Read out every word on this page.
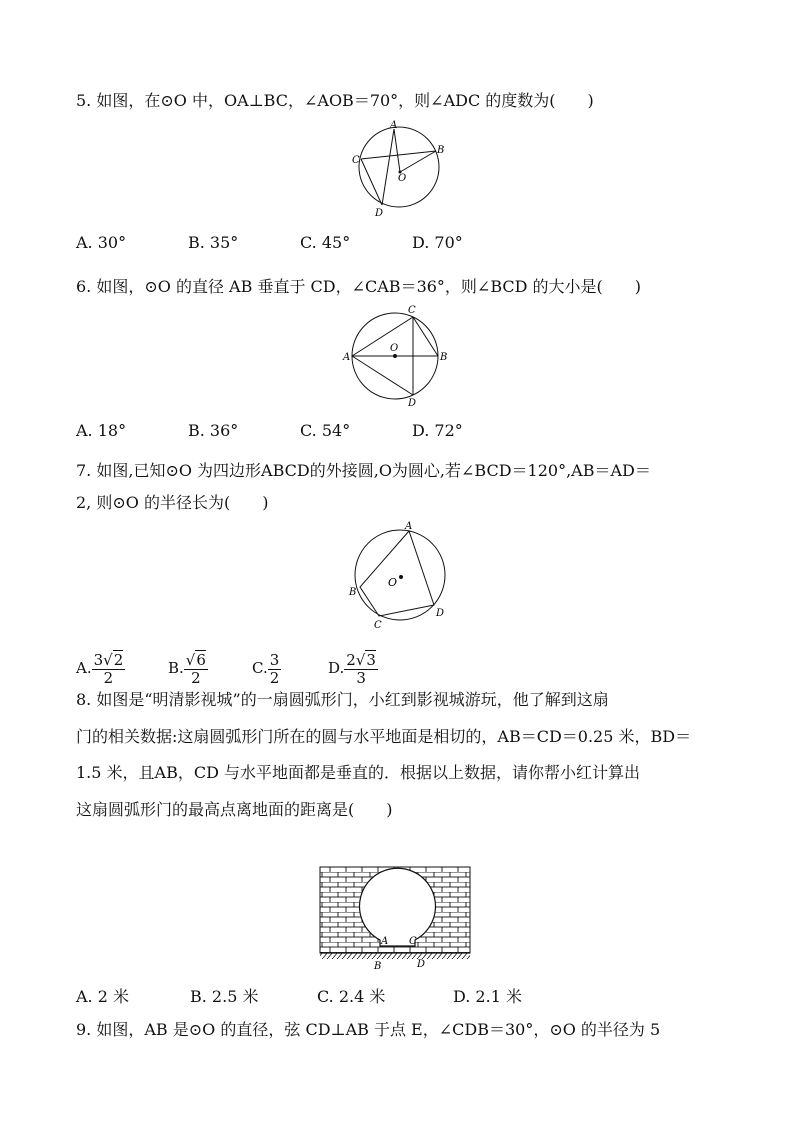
5. 如图，在⊙O 中，OA⊥BC，∠AOB＝70°，则∠ADC 的度数为(　　)
A
B
C
O
D
A. 30°	B. 35°	C. 45°	D. 70°
6. 如图，⊙O 的直径 AB 垂直于 CD，∠CAB＝36°，则∠BCD 的大小是(　　)
C
O
A	B
D
A. 18°	B. 36°	C. 54°	D. 72°
7. 如图,已知⊙O 为四边形ABCD的外接圆,O为圆心,若∠BCD＝120°,AB＝AD＝
2, 则⊙O 的半径长为(　　)
A
O
B
D
C
A. $\frac{3√2}{2}$	B. $\frac{√6}{2}$	C. $\frac{3}{2}$	D. $\frac{2√3}{3}$
8. 如图是“明清影视城”的一扇圆弧形门，小红到影视城游玩，他了解到这扇
门的相关数据:这扇圆弧形门所在的圆与水平地面是相切的，AB＝CD＝0.25 米，BD＝
1.5 米，且AB，CD 与水平地面都是垂直的．根据以上数据，请你帮小红计算出
这扇圆弧形门的最高点离地面的距离是(　　)
A C
B	D
A. 2 米	B. 2.5 米	C. 2.4 米	D. 2.1 米
9. 如图，AB 是⊙O 的直径，弦 CD⊥AB 于点 E，∠CDB＝30°，⊙O 的半径为 5
